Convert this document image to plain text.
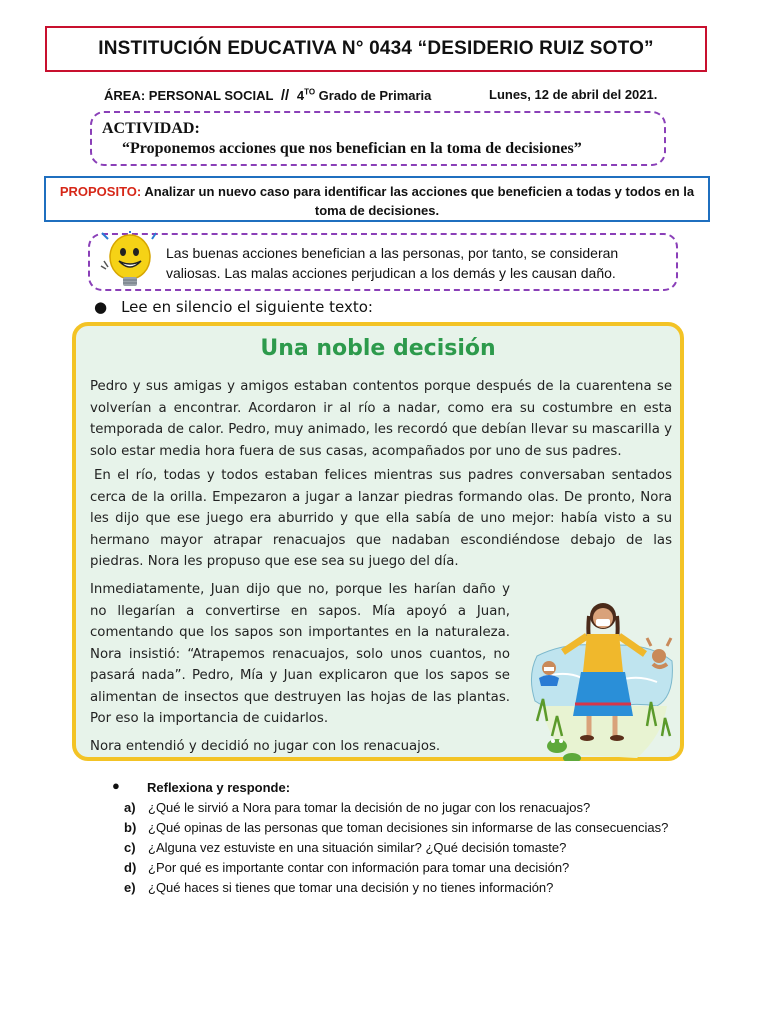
INSTITUCIÓN EDUCATIVA N° 0434 “DESIDERIO RUIZ SOTO”
ÁREA: PERSONAL SOCIAL // $4^{TO}$ Grado de Primaria	Lunes, 12 de abril del 2021.
ACTIVIDAD:
“Proponemos acciones que nos benefician en la toma de decisiones”
PROPOSITO: Analizar un nuevo caso para identificar las acciones que beneficien a todas y todos en la toma de decisiones.
Las buenas acciones benefician a las personas, por tanto, se consideran valiosas. Las malas acciones perjudican a los demás y les causan daño.
● Lee en silencio el siguiente texto:
Una noble decisión
Pedro y sus amigas y amigos estaban contentos porque después de la cuarentena se volverían a encontrar. Acordaron ir al río a nadar, como era su costumbre en esta temporada de calor. Pedro, muy animado, les recordó que debían llevar su mascarilla y solo estar media hora fuera de sus casas, acompañados por uno de sus padres.
En el río, todas y todos estaban felices mientras sus padres conversaban sentados cerca de la orilla. Empezaron a jugar a lanzar piedras formando olas. De pronto, Nora les dijo que ese juego era aburrido y que ella sabía de uno mejor: había visto a su hermano mayor atrapar renacuajos que nadaban escondiéndose debajo de las piedras. Nora les propuso que ese sea su juego del día.
Inmediatamente, Juan dijo que no, porque les harían daño y no llegarían a convertirse en sapos. Mía apoyó a Juan, comentando que los sapos son importantes en la naturaleza. Nora insistió: “Atrapemos renacuajos, solo unos cuantos, no pasará nada”. Pedro, Mía y Juan explicaron que los sapos se alimentan de insectos que destruyen las hojas de las plantas. Por eso la importancia de cuidarlos.
Nora entendió y decidió no jugar con los renacuajos.
● Reflexiona y responde:
a) ¿Qué le sirvió a Nora para tomar la decisión de no jugar con los renacuajos?
b) ¿Qué opinas de las personas que toman decisiones sin informarse de las consecuencias?
c) ¿Alguna vez estuviste en una situación similar? ¿Qué decisión tomaste?
d) ¿Por qué es importante contar con información para tomar una decisión?
e) ¿Qué haces si tienes que tomar una decisión y no tienes información?
